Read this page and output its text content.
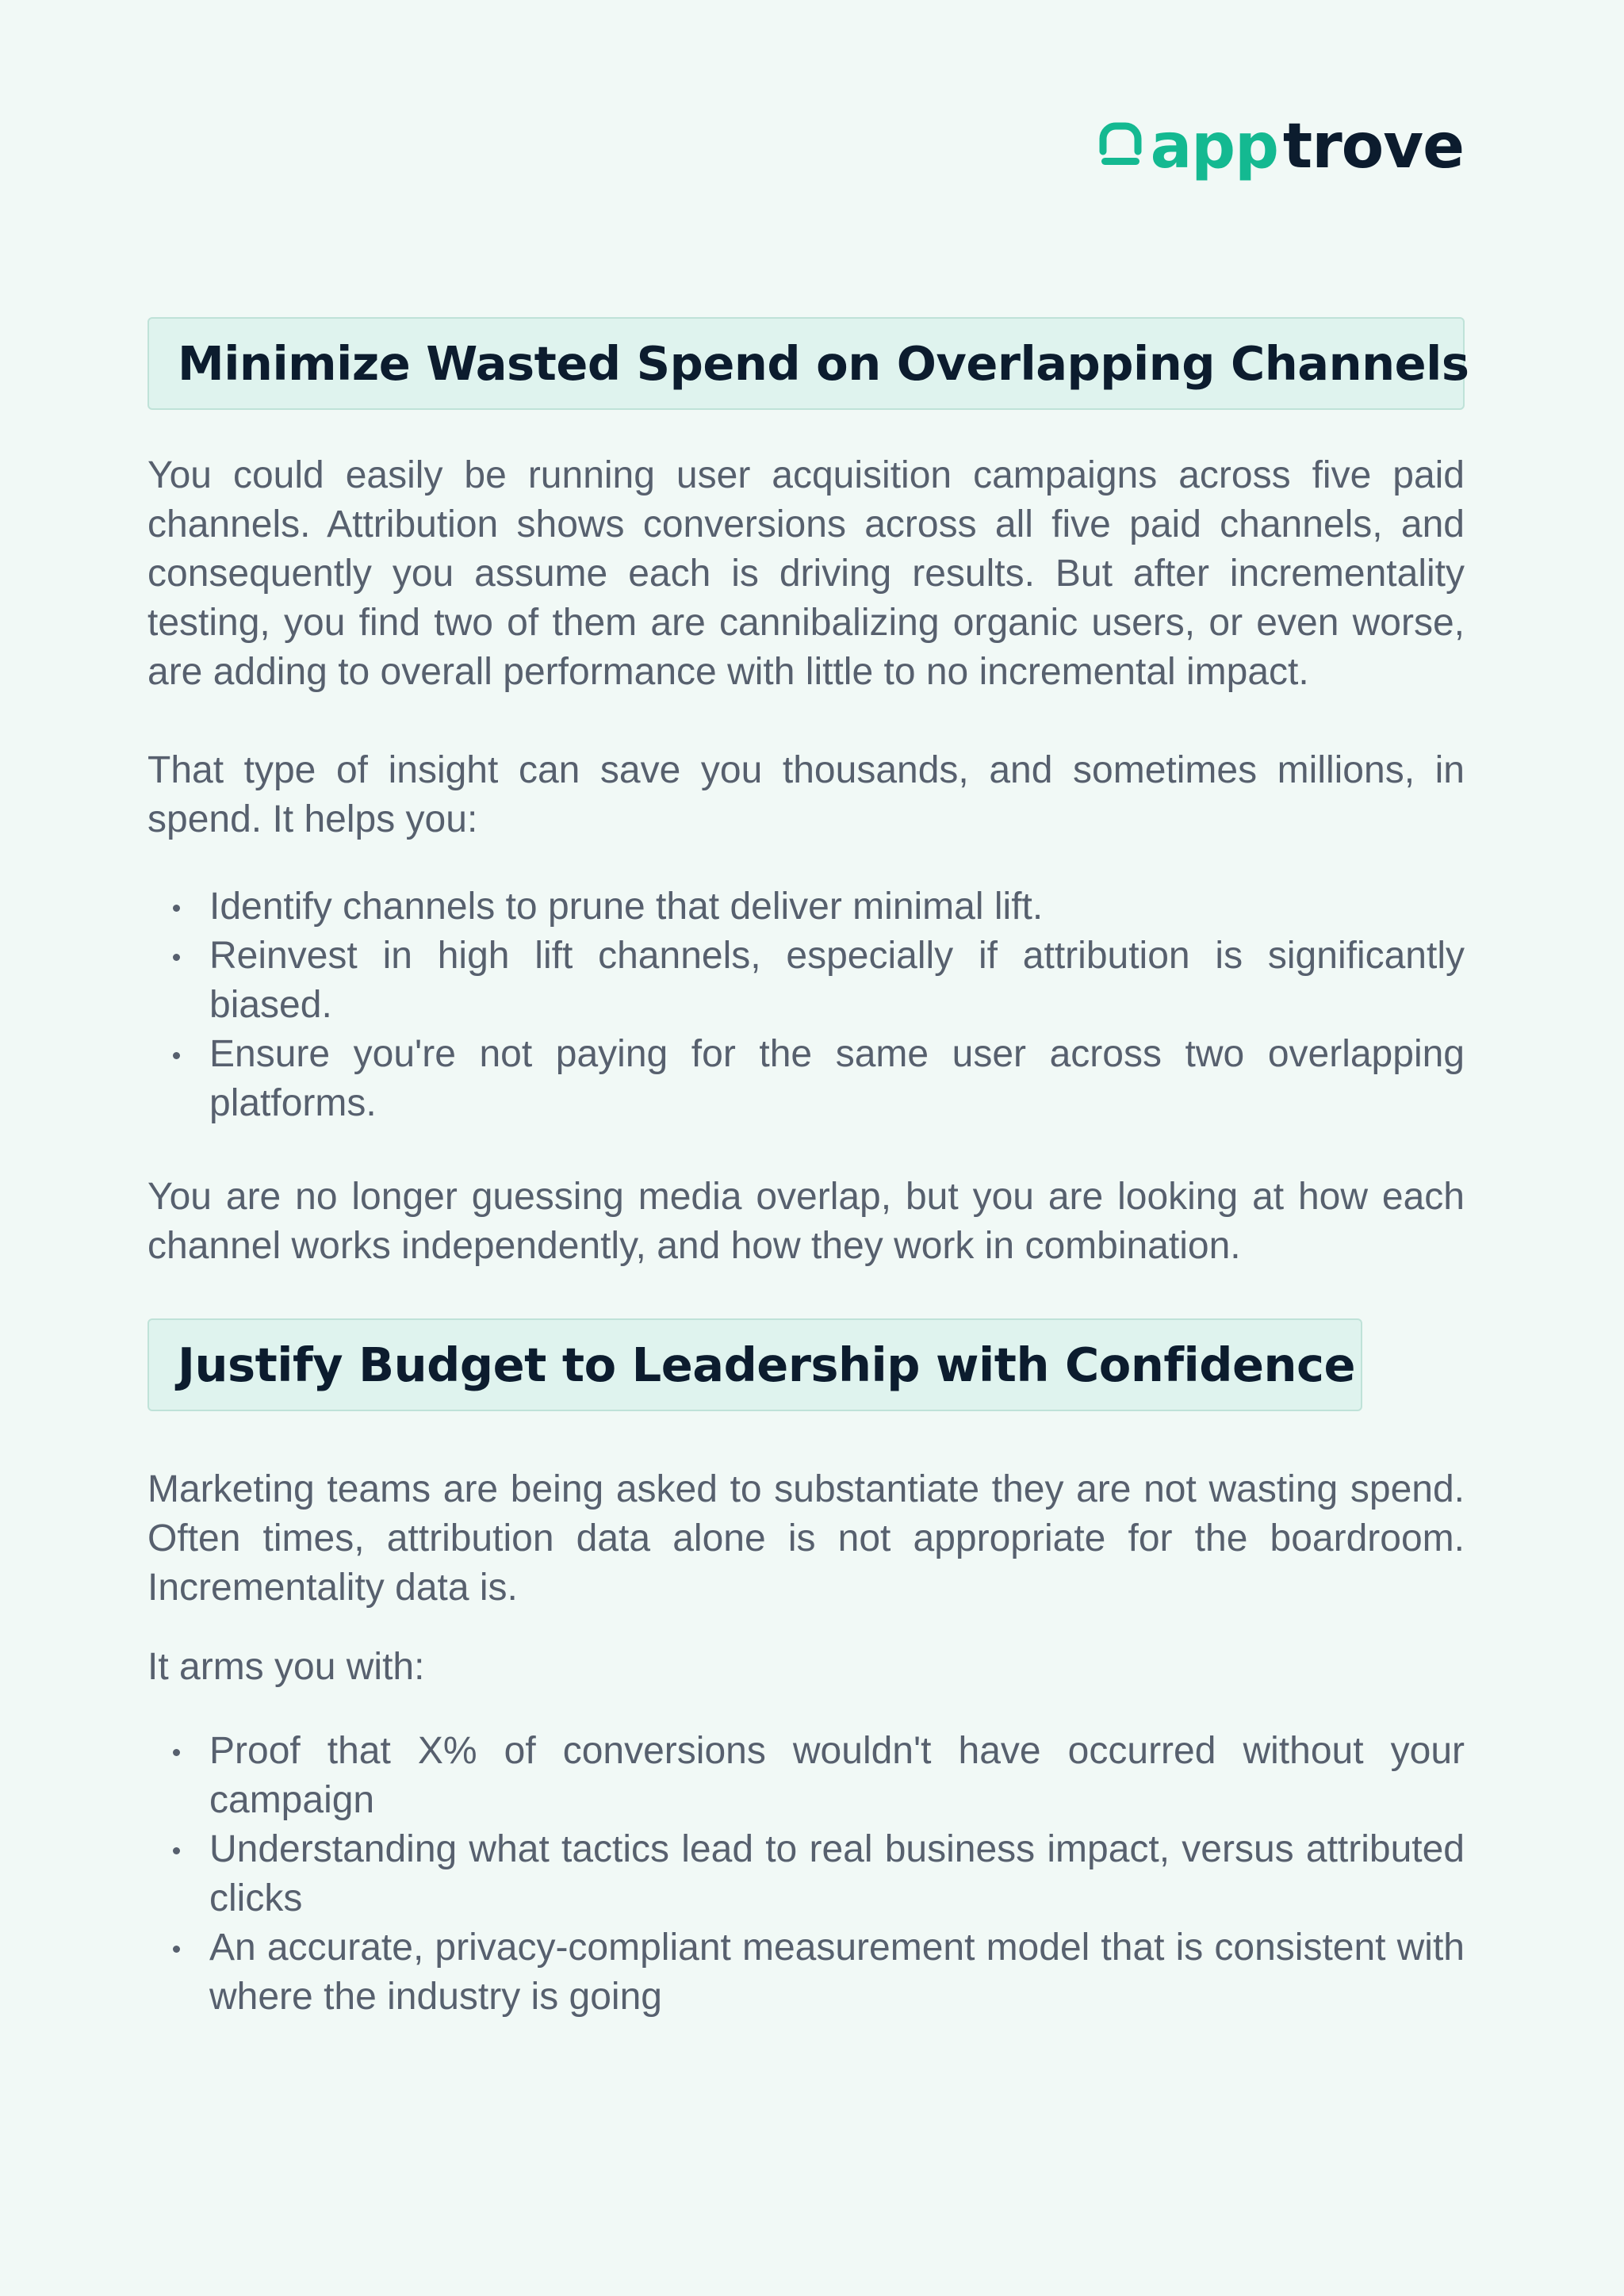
app trove
Minimize Wasted Spend on Overlapping Channels

You could easily be running user acquisition campaigns across five paid channels. Attribution shows conversions across all five paid channels, and consequently you assume each is driving results. But after incrementality testing, you find two of them are cannibalizing organic users, or even worse, are adding to overall performance with little to no incremental impact.

That type of insight can save you thousands, and sometimes millions, in spend. It helps you:

Identify channels to prune that deliver minimal lift.
Reinvest in high lift channels, especially if attribution is significantly biased.
Ensure you're not paying for the same user across two overlapping platforms.

You are no longer guessing media overlap, but you are looking at how each channel works independently, and how they work in combination.

Justify Budget to Leadership with Confidence

Marketing teams are being asked to substantiate they are not wasting spend. Often times, attribution data alone is not appropriate for the boardroom. Incrementality data is.

It arms you with:

Proof that X% of conversions wouldn't have occurred without your campaign
Understanding what tactics lead to real business impact, versus attributed clicks
An accurate, privacy-compliant measurement model that is consistent with where the industry is going
